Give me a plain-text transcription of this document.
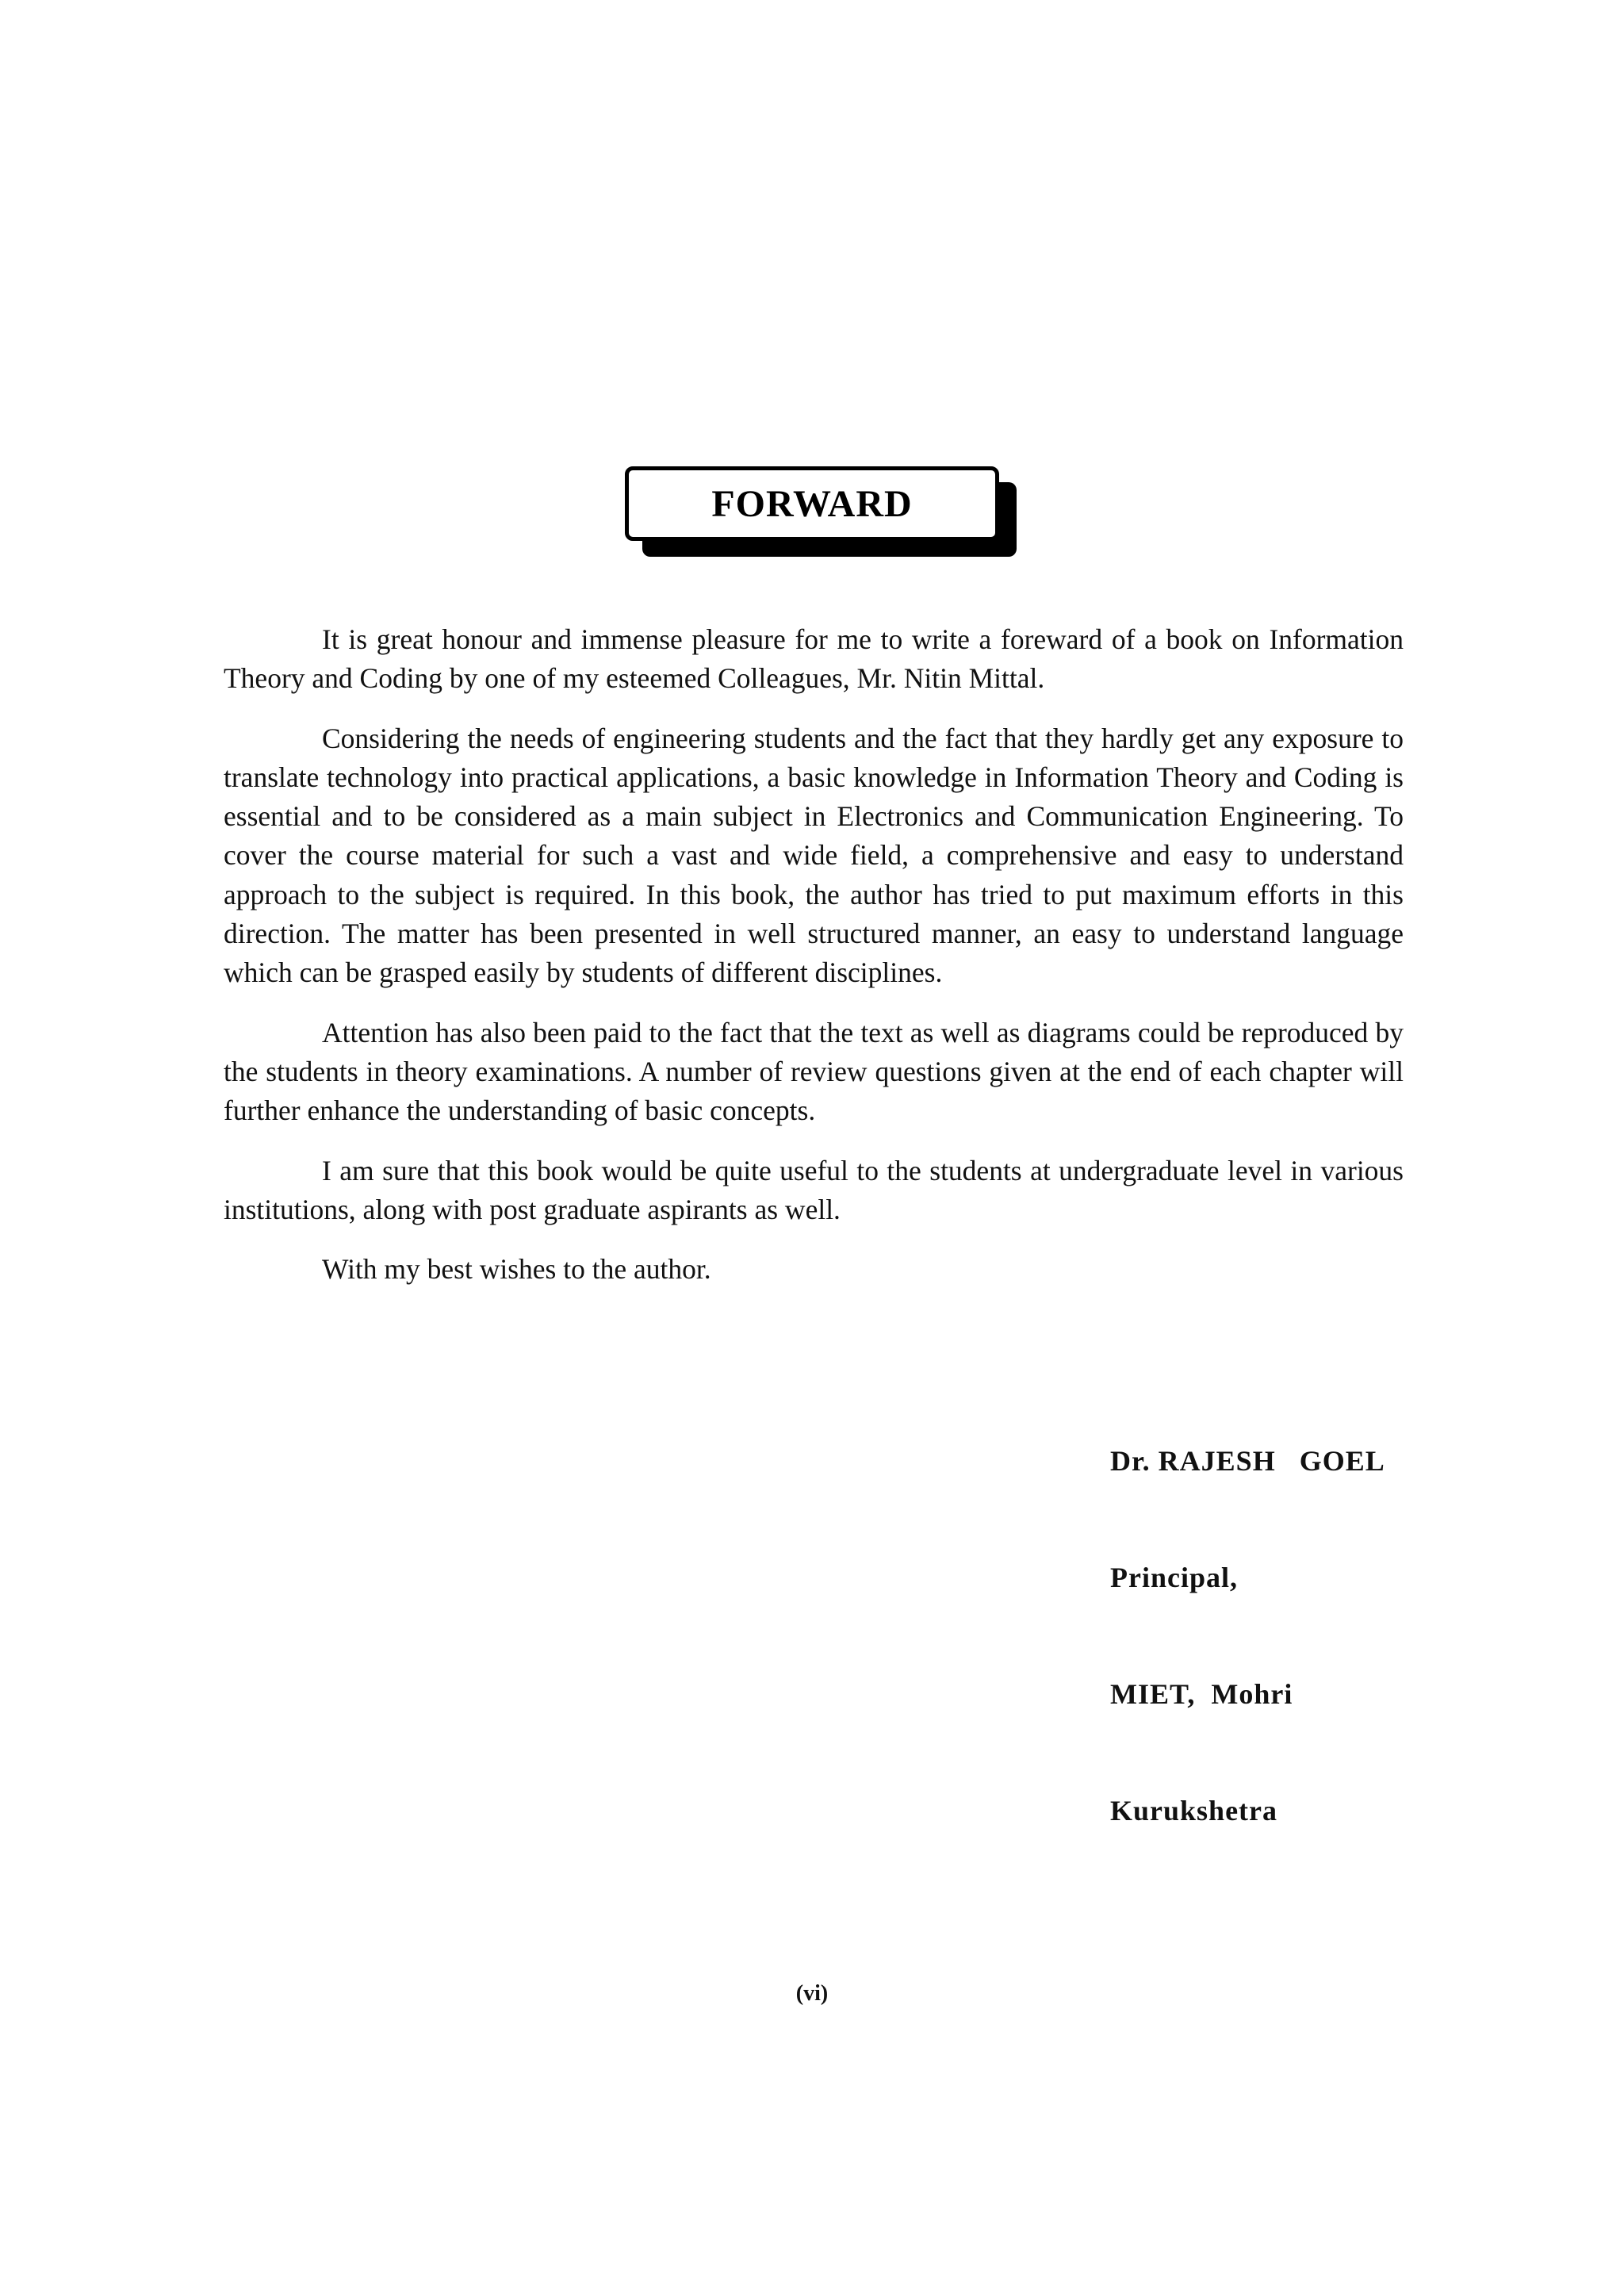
FORWARD

It is great honour and immense pleasure for me to write a foreward of a book on Information Theory and Coding by one of my esteemed Colleagues, Mr. Nitin Mittal.

Considering the needs of engineering students and the fact that they hardly get any exposure to translate technology into practical applications, a basic knowledge in Information Theory and Coding is essential and to be considered as a main subject in Electronics and Communication Engineering. To cover the course material for such a vast and wide field, a comprehensive and easy to understand approach to the subject is required. In this book, the author has tried to put maximum efforts in this direction. The matter has been presented in well structured manner, an easy to understand language which can be grasped easily by students of different disciplines.

Attention has also been paid to the fact that the text as well as diagrams could be reproduced by the students in theory examinations. A number of review questions given at the end of each chapter will further enhance the understanding of basic concepts.

I am sure that this book would be quite useful to the students at undergraduate level in various institutions, along with post graduate aspirants as well.

With my best wishes to the author.

Dr. RAJESH   GOEL

Principal,

MIET,  Mohri

Kurukshetra

(vi)
